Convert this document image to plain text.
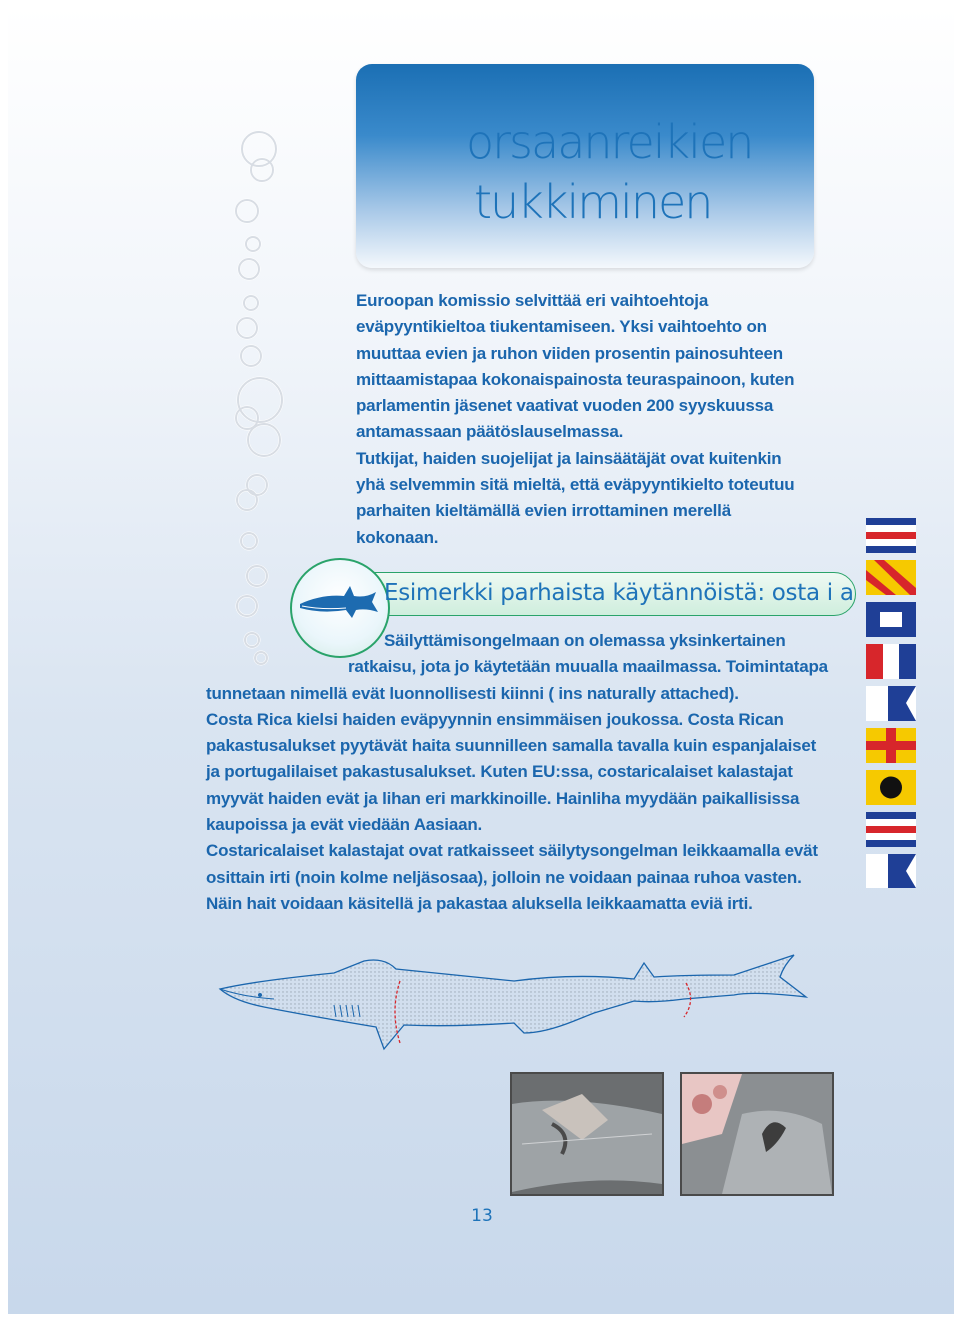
orsaanreikien
tukkiminen

Euroopan komissio selvittää eri vaihtoehtoja

eväpyyntikieltoa tiukentamiseen. Yksi vaihtoehto on

muuttaa evien ja ruhon viiden prosentin painosuhteen

mittaamistapaa kokonaispainosta teuraspainoon, kuten

parlamentin jäsenet vaativat vuoden 200 syyskuussa

antamassaan päätöslauselmassa.

Tutkijat, haiden suojelijat ja lainsäätäjät ovat kuitenkin

yhä selvemmin sitä mieltä, että eväpyyntikielto toteutuu

parhaiten kieltämällä evien irrottaminen merellä

kokonaan.

Esimerkki parhaista käytännöistä: osta i a
Säilyttämisongelmaan on olemassa yksinkertainen
ratkaisu, jota jo käytetään muualla maailmassa. Toimintatapa
tunnetaan nimellä evät luonnollisesti kiinni ( ins naturally attached).
Costa Rica kielsi haiden eväpyynnin ensimmäisen joukossa. Costa Rican
pakastusalukset pyytävät haita suunnilleen samalla tavalla kuin espanjalaiset
ja portugalilaiset pakastusalukset. Kuten EU:ssa, costaricalaiset kalastajat
myyvät haiden evät ja lihan eri markkinoille. Hainliha myydään paikallisissa
kaupoissa ja evät viedään Aasiaan.
Costaricalaiset kalastajat ovat ratkaisseet säilytysongelman leikkaamalla evät
osittain irti (noin kolme neljäsosaa), jolloin ne voidaan painaa ruhoa vasten.
Näin hait voidaan käsitellä ja pakastaa aluksella leikkaamatta eviä irti.
13
